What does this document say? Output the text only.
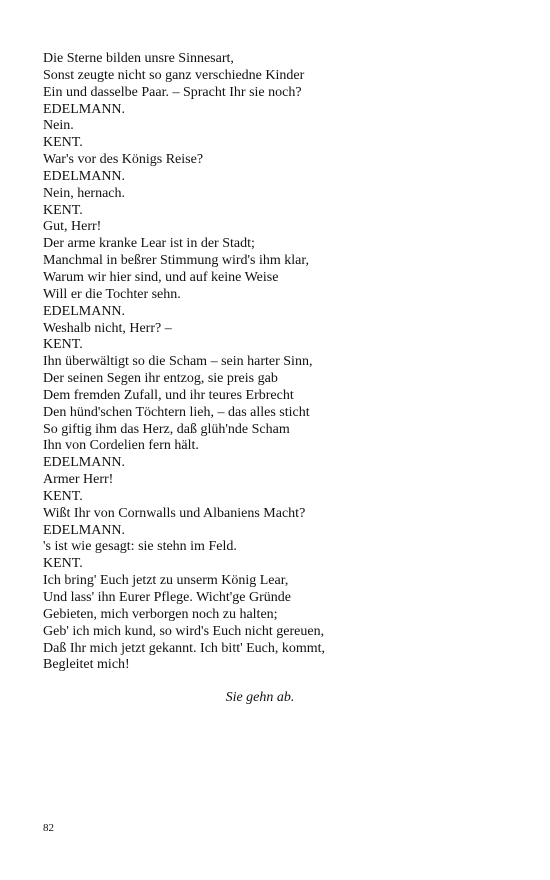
Die Sterne bilden unsre Sinnesart,
Sonst zeugte nicht so ganz verschiedne Kinder
Ein und dasselbe Paar. – Spracht Ihr sie noch?
EDELMANN.
Nein.
KENT.
War's vor des Königs Reise?
EDELMANN.
Nein, hernach.
KENT.
Gut, Herr!
Der arme kranke Lear ist in der Stadt;
Manchmal in beßrer Stimmung wird's ihm klar,
Warum wir hier sind, und auf keine Weise
Will er die Tochter sehn.
EDELMANN.
Weshalb nicht, Herr? –
KENT.
Ihn überwältigt so die Scham – sein harter Sinn,
Der seinen Segen ihr entzog, sie preis gab
Dem fremden Zufall, und ihr teures Erbrecht
Den hünd'schen Töchtern lieh, – das alles sticht
So giftig ihm das Herz, daß glüh'nde Scham
Ihn von Cordelien fern hält.
EDELMANN.
Armer Herr!
KENT.
Wißt Ihr von Cornwalls und Albaniens Macht?
EDELMANN.
's ist wie gesagt: sie stehn im Feld.
KENT.
Ich bring' Euch jetzt zu unserm König Lear,
Und lass' ihn Eurer Pflege. Wicht'ge Gründe
Gebieten, mich verborgen noch zu halten;
Geb' ich mich kund, so wird's Euch nicht gereuen,
Daß Ihr mich jetzt gekannt. Ich bitt' Euch, kommt,
Begleitet mich!
Sie gehn ab.
82
